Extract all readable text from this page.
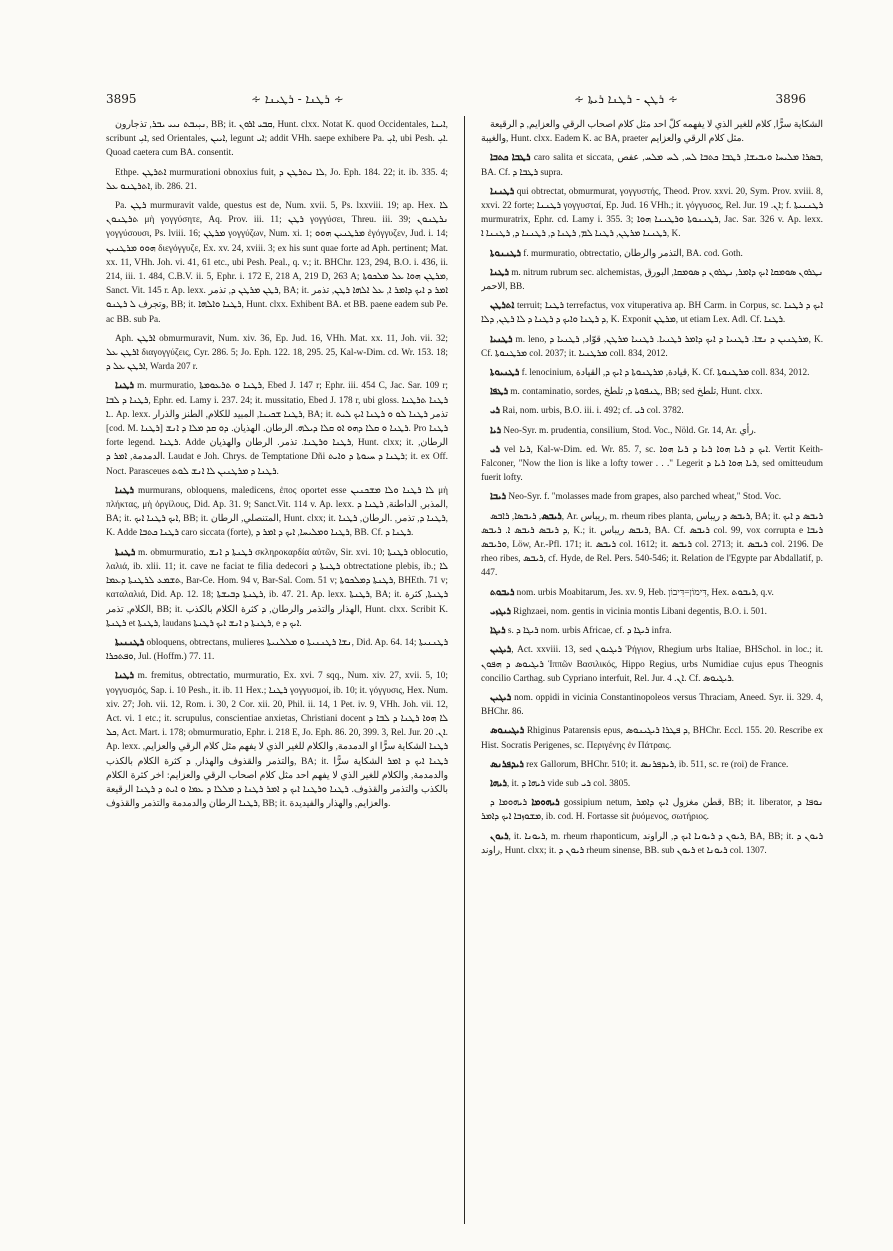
3895	∻ ܪܛܢܐ - ܪܛܝܢܐ ∻	∻ ܪܛܢ - ܪܛܢܐ ܪܝܬܐ ∻	3896

ܢܝܼܝܒܬ ܢܝܝ ܝܒܪ, تذجارون, BB; it. ܩܒܝ ܐܪܘܢ, Hunt. clxx. Notat K. quod Occidentales, ܐܝܢܐ, scribunt ܐܝܼ, sed Orientales, ܐܝܝܢ, legunt ܐܝ; addit VHh. saepe exhibere Pa. ܐܝܼ, ubi Pesh. ܐܝܼ. Quoad caetera cum BA. consentit.

Ethpe. ܐܬܪܛܢ murmurationi obnoxius fuit, ܠܐ ܢܬܪܛܢ ܕ, Jo. Eph. 184. 22; it. ib. 335. 4; ܐܬܪܛܢܘ ܥܠ, ib. 286. 21.

Pa. ܪܛܢ murmuravit valde, questus est de, Num. xvii. 5, Ps. lxxviii. 19; ap. Hex. ܠܐ ܬܪܛܢܘܢ μὴ γογγύσητε, Aq. Prov. iii. 11; ܪܛܢ γογγύσει, Threu. iii. 39; ܢܪܛܢܘܢ γογγύσουσι, Ps. lviii. 16; ܡܪܛܢ γογγύζων, Num. xi. 1; ܡܪܛܢܝܢ ܗܘܘ ἐγόγγυζεν, Jud. i. 14; ܗܘܘ ܡܪܛܢܝܢ διεγόγγυζε, Ex. xv. 24, xviii. 3; ex his sunt quae forte ad Aph. pertinent; Mat. xx. 11, VHh. Joh. vi. 41, 61 etc., ubi Pesh. Peal., q. v.; it. BHChr. 123, 294, B.O. i. 436, ii. 214, iii. 1. 484, C.B.V. ii. 5, Ephr. i. 172 E, 218 A, 219 D, 263 A; ܡܪܛܢ ܗܘܐ ܥܠ ܡܠܟܘܬܐ, Sanct. Vit. 145 r. Ap. lexx. ܪܛܢ ܡܪܛܢ ܕ, تذمر, BA; it. ܐܡܪ ܕ ܐܝܟ ܕܐܡܪ ܐ, ܥܠ ܐܠܗܐ ܪܛܢ, تذمر وتجرف ܠ ܪܛܢܘ, BB; it. ܪܛܢܐ ܘܐܠܗܐ, Hunt. clxx. Exhibent BA. et BB. paene eadem sub Pe. ac BB. sub Pa.

Aph. ܐܪܛܢ obmurmuravit, Num. xiv. 36, Ep. Jud. 16, VHh. Mat. xx. 11, Joh. vii. 32; ܐܪܛܢ ܥܠ διαγογγύζεις, Cyr. 286. 5; Jo. Eph. 122. 18, 295. 25, Kal-w-Dim. cd. Wr. 153. 18; ܐܪܛܢ ܥܠ ܕ, Warda 207 r.

ܪܛܢܐ m. murmuratio, ܪܛܢܐ ܘ ܬܪܥܘܡܬܐ, Ebed J. 147 r; Ephr. iii. 454 C, Jac. Sar. 109 r; ܪܛܢܐ ܕ ܠܒܐ, Ephr. ed. Lamy i. 237. 24; it. mussitatio, Ebed J. 178 r, ubi gloss. ܪܛܢܐ ܬܪܛܢܐ .ܐ. Ap. lexx. ܪܛܢܐ ܫܟܝܢܐ, المبيد للكلام, الطنز والذرار, BA; it. تذمر ܪܛܢܐ ܠܘ ܘ ܪܛܢܐ ܐܝܟ ܠܝܬ [cod. M. ܪܛܢܐ] ܪܛܢܐ ܘ ܩܠܐ ܕܗܘ ܐܘ ܩܠܐ ܕܝܠܗ. الرطان. الهذيان. ܕܘ ܩܕ ܡܠܐ ܕ ܐܢܫ. Pro ܪܛܢܐ forte legend. ܪܛܢܐ. Adde ܪܛܢܐ ܘܪܛܢܐ. تذمر. الرطان والهذيان, Hunt. clxx; it. الرطان, الدمدمة, ܐܡܪ ܕ. Laudat e Joh. Chrys. de Temptatione Dñi ܪܛܢܐ ܕ ܚܝܘܬܐ ܕ ܘܐܝܬ; it. ex Off. Noct. Parasceues ܪܛܢܐ ܕ ܡܪܛܢܝܢ ܠܐ ܐܢܫ ܠܘܬ.

ܪܛܢܐ murmurans, obloquens, maledicens, ἐπος oportet esse ܠܐ ܪܛܢܐ ܘܠܐ ܡܫܟܢܝܢ μὴ πλήκτας, μὴ ὀργίλους, Did. Ap. 31. 9; Sanct.Vit. 114 v. Ap. lexx. المذبر, الداطنة, ܪܛܢܐ ܕ, BA; it. ܐܝܟ ܪܛܢܐ ܐܝܟ, BB; it. المتنصلي, الرطان, Hunt. clxx; it. ܪܛܢܐ ܕ, تذمر, .الرطان, ܪܛܢܐ, K. Adde ܪܛܢܐ ܟܬܒܐ caro siccata (forte), ܪܛܢܐ ܘܡܠܝܚܐ, ܐܝܟ ܕ ܐܡܪ ܕ, BB. Cf. ܪܛܢܐ ܕ.

ܪܛܢܬܐ m. obmurmuratio, ܪܛܢܬܐ ܕ ܐܢܫ σκληροκαρδία αὐτῶν, Sir. xvi. 10; ܪܛܢܬܐ oblocutio, λαλιά, ib. xlii. 11; it. cave ne faciat te filia dedecori ܪܛܢܬܐ ܕ obtrectatione plebis, ib.; ܠܐ ܬܫܡܥ ܠܪܛܢܬܐ ܕܥܡܐ, Bar-Ce. Hom. 94 v, Bar-Sal. Com. 51 v; ܪܛܢܬܐ ܕܡܠܟܘܬܐ, BHEth. 71 v; καταλαλιά, Did. Ap. 12. 18; ܪܛܢܬܐ ܕܒܝܫܬܐ, ib. 47. 21. Ap. lexx. ܪܛܢܬܐ, BA; it. ܪܛܢܬܐ, كثرة الكلام, تذمر, BB; it. الهذار والتذمر والرطان, ܕ كثرة الكلام بالكذب, Hunt. clxx. Scribit K. ܪܛܢܬܐ et ܪܛܢܬܐ, laudans ܪܛܢܬܐ ܕ ܐܢܫ ܐܝܟ ܪܛܢܬܐ, e ܐܝܟ ܕ.

ܪܛܢܢܝܬܐ obloquens, obtrectans, mulieres ܢܫܐ ܪܛܢܢܝܬܐ ܘ ܡܠܠܢܝܬܐ, Did. Ap. 64. 14; ܪܛܢܢܝܬܐ ܘܦܬܟܪܐ, Jul. (Hoffm.) 77. 11.

ܪܛܢܐ m. fremitus, obtrectatio, murmuratio, Ex. xvi. 7 sqq., Num. xiv. 27, xvii. 5, 10; γογγυσμός, Sap. i. 10 Pesh., it. ib. 11 Hex.; ܪܛܢܐ γογγυσμοί, ib. 10; it. γόγγυσις, Hex. Num. xiv. 27; Joh. vii. 12, Rom. i. 30, 2 Cor. xii. 20, Phil. ii. 14, 1 Pet. iv. 9, VHh. Joh. vii. 12, Act. vi. 1 etc.; it. scrupulus, conscientiae anxietas, Christiani docent ܠܐ ܗܘܐ ܪܛܢܐ ܕ ܠܒܐ ܕ ܟܠ, Act. Mart. i. 178; obmurmuratio, Ephr. i. 218 E, Jo. Eph. 86. 20, 399. 3, Rel. Jur. ܐܢ. 20. Ap. lexx. ܪܛܢܐ الشكاية سرًّا او الدمدمة, والكلام للغير الذي لا يفهم مثل كلام الرقي والعزايم, والتذمر والقذوف والهذار, ܕ كثرة الكلام بالكذب, BA; it. ܪܛܢܐ ܐܝܟ ܕ ܐܡܪ الشكاية سرًّا والدمدمة, والكلام للغير الذي لا يفهم احد مثل كلام اصحاب الرقي والعزايم: اخر كثرة الكلام بالكذب والتذمر والقذوف. ܪܛܢܐ ܘܪܛܢܐ ܐܝܟ ܕ ܐܡܪ ܪܛܢܐ ܕ ܡܠܠܐ ܕ ܥܡܐ ܘ ܐܝܬ ܕ ܪܛܢܐ الرقيعة ܪܛܢܐ الرطان والدمدمة والتذمر والقذوف, BB; it. والعزايم, والهذار والفيديدة.

الشكاية سرًّا, كلام للغير الذي لا يفهمه كلّ احد مثل كلام اصحاب الرقي والعزايم, ܕ الرقيعة والغيبة, Hunt. clxx. Eadem K. ac BA, praeter مثل كلام الرقي والعزايم.

ܪܛܒܐ ܟܬܒܐ caro salita et siccata, ܒܣܪܐ ܡܠܝܚܐ ܘܝܒܝܫܐ, ܪܛܒܐ ܟܬܒܐ ܠܚ, ܠܚ ܡܠܚ, عفص, BA. Cf. ܪܛܒܐ ܕ supra.

ܪܛܢܢܐ qui obtrectat, obmurmurat, γογγυστής, Theod. Prov. xxvi. 20, Sym. Prov. xviii. 8, xxvi. 22 forte; ܪܛܢܢܐ γογγυσταί, Ep. Jud. 16 VHh.; it. γόγγυσος, Rel. Jur. ܐܢ. 19; f. ܪܛܢܢܝܬܐ murmuratrix, Ephr. cd. Lamy i. 355. 3; ܪܛܢܢܘܬܐ ܘܪܛܢܢܐ ܗܘܐ, Jac. Sar. 326 v. Ap. lexx. ܪܛܢܢܐ ܡܪܛܢ, ܪܛܢܐ ܠܡ, ܪܛܢܐ ܕ, ܪܛܢܢܐ ܕ, ܪܛܢܢܐ ܐ, K.

ܪܛܢܢܘܬܐ f. murmuratio, obtrectatio, التذمر والرطان, BA. cod. Goth.

ܪܛܢܐ m. nitrum rubrum sec. alchemistas, ܢܛܪܘܢ ܣܘܡܩܐ ܐܝܟ ܕܐܡܪ, ܢܛܪܘܢ ܕ ܣܘܡܩܐ, البورق الاحمر, BB.

ܐܬܪܛܢ terruit; ܪܛܢܐ terrefactus, vox vituperativa ap. BH Carm. in Corpus, sc. ܐܝܟ ܕ ܪܛܢܐ ܕ ܪܛܢܐ ܘܐܝܟ ܕ ܪܛܢܐ ܕ ܠܐ ܪܛܢ, ܕܠܐ, K. Exponit ܡܪܛܢ, ut etiam Lex. Adl. Cf. ܪܛܢܐ.

ܪܛܢܝܐ m. leno, ܡܪܛܢܝܢ ܕ ܢܫܐ. ܪܛܢܝܐ ܕ ܐܝܟ ܕܐܡܪ ܪܛܢܝܐ. ܪܛܢܝܐ ܡܪܛܢ, قوّاد, ܪܛܢܝܐ ܕ, K. Cf. ܡܪܛܢܘܬܐ col. 2037; it. ܡܪܛܢܝܐ coll. 834, 2012.

ܪܛܢܝܘܬܐ f. lenocinium, قيادة, ܡܪܛܢܘܬܐ ܕ ܐܝܟ ܕ, القيادة, K. Cf. ܡܪܛܢܘܬܐ coll. 834, 2012.

ܪܛܦܐ m. contaminatio, sordes, ܛܢܦܘܬܐ ܕ, تلطخ, BB; sed تلطخ, Hunt. clxx.

ܪܝ Rai, nom. urbis, B.O. iii. i. 492; cf. ܪܝ col. 3782.

ܪܝܐ Neo-Syr. m. prudentia, consilium, Stod. Voc., Nöld. Gr. 14, Ar. رأي.

ܪܝ vel ܪܝܐ, Kal-w-Dim. ed. Wr. 85. 7, sc. ܐܝܟ ܕ ܪܝܐ ܗܘܐ ܪܝܐ ܕ ܪܝܐ ܗܘܐ. Vertit Keith-Falconer, "Now the lion is like a lofty tower . . ." Legerit ܪܝܐ ܗܘܐ ܪܝܐ ܕ, sed omitteudum fuerit lofty.

ܪܝܒܐ Neo-Syr. f. "molasses made from grapes, also parched wheat," Stod. Voc.

ܪܝܒܣ, ܪܝܒܣܐ, ܪܐܒܣ, Ar. ريباس, m. rheum ribes planta, ܪܝܒܣ ܕ ريباس, BA; it. ܪܝܒܣ ܕ ܐܝܟ ܕ ܪܝܒܣ ܪܝܒܣ ܐ. ܪܝܒܣ, K.; it. ܪܝܒܣ ريباس, BA. Cf. ܪܝܒܣ col. 99, vox corrupta e ܪܝܒܐ ܘܪܝܒܣ, Löw, Ar.-Pfl. 171; it. ܪܝܒܣ col. 1612; it. ܪܝܒܣ col. 2713; it. ܪܝܒܣ col. 2196. De rheo ribes, ܪܝܒܣ, cf. Hyde, de Rel. Pers. 540-546; it. Relation de l'Egypte par Abdallatif, p. 447.

ܪܝܒܘܬ nom. urbis Moabitarum, Jes. xv. 9, Heb. דִּימוֹן=דִּיבוֹן, Hex. ܪܝܒܘܬ, q.v.

ܪܝܓܙܝ Righzaei, nom. gentis in vicinia montis Libani degentis, B.O. i. 501.

ܪܝܓܐ s. ܪܝܓܐ ܕ nom. urbis Africae, cf. ܪܝܓܐ ܕ infra.

ܪܝܓܝܢ, Act. xxviii. 13, sed ܪܝܓܝܘܢ Ῥήγιον, Rhegium urbs Italiae, BHSchol. in loc.; it. ܪܝܓܝܘܣ ܕ ܗܦܘܢ Ἱππῶν Βασιλικός, Hippo Regius, urbs Numidiae cujus eρus Theognis concilio Carthag. sub Cypriano interfuit, Rel. Jur. ܐܢ. 4. Cf. ܪܝܓܝܘܣ.

ܪܝܓܝܢ nom. oppidi in vicinia Constantinopoleos versus Thraciam, Aneed. Syr. ii. 329. 4, BHChr. 86.

ܪܝܓܝܢܘܣ Rhiginus Patarensis eρus, ܕ ܦܛܪܐ ܪܝܓܝܢܘܣ, BHChr. Eccl. 155. 20. Rescribe ex Hist. Socratis Perigenes, sc. Περιγένης ἐν Πάτραις.

ܪܝܕܦܪܢܣ rex Gallorum, BHChr. 510; it. ܪܝܕܦܪܢܣ, ib. 511, sc. re (roi) de France.

ܪܝܗܐ, it. ܪܝܗܐ ܕ vide sub ܪܝ col. 3805.

ܪܝܗܘܡܐ ܪܝܗܘܡܐ ܕ gossipium netum, قطن مغزول ܐܝܟ ܕܐܡܪ, BB; it. liberator, ܢܘܦܐ ܕ ܡܫܘܙܒܐ ܐܝܟ ܕܐܡܪ, ib. cod. H. Fortasse sit ῥυόμενος, σωτήριος.

ܪܝܘܢ, it. ܪܝܘܢܐ, m. rheum rhaponticum, ܪܝܘܢ ܕ ܪܝܘܢܐ ܐܝܟ ܕ, الراوند, BA, BB; it. ܪܝܘܢ ܕ راوند, Hunt. clxx; it. ܪܝܘܢ ܕ rheum sinense, BB. sub ܪܝܘܢ et ܪܝܘܢܐ col. 1307.
